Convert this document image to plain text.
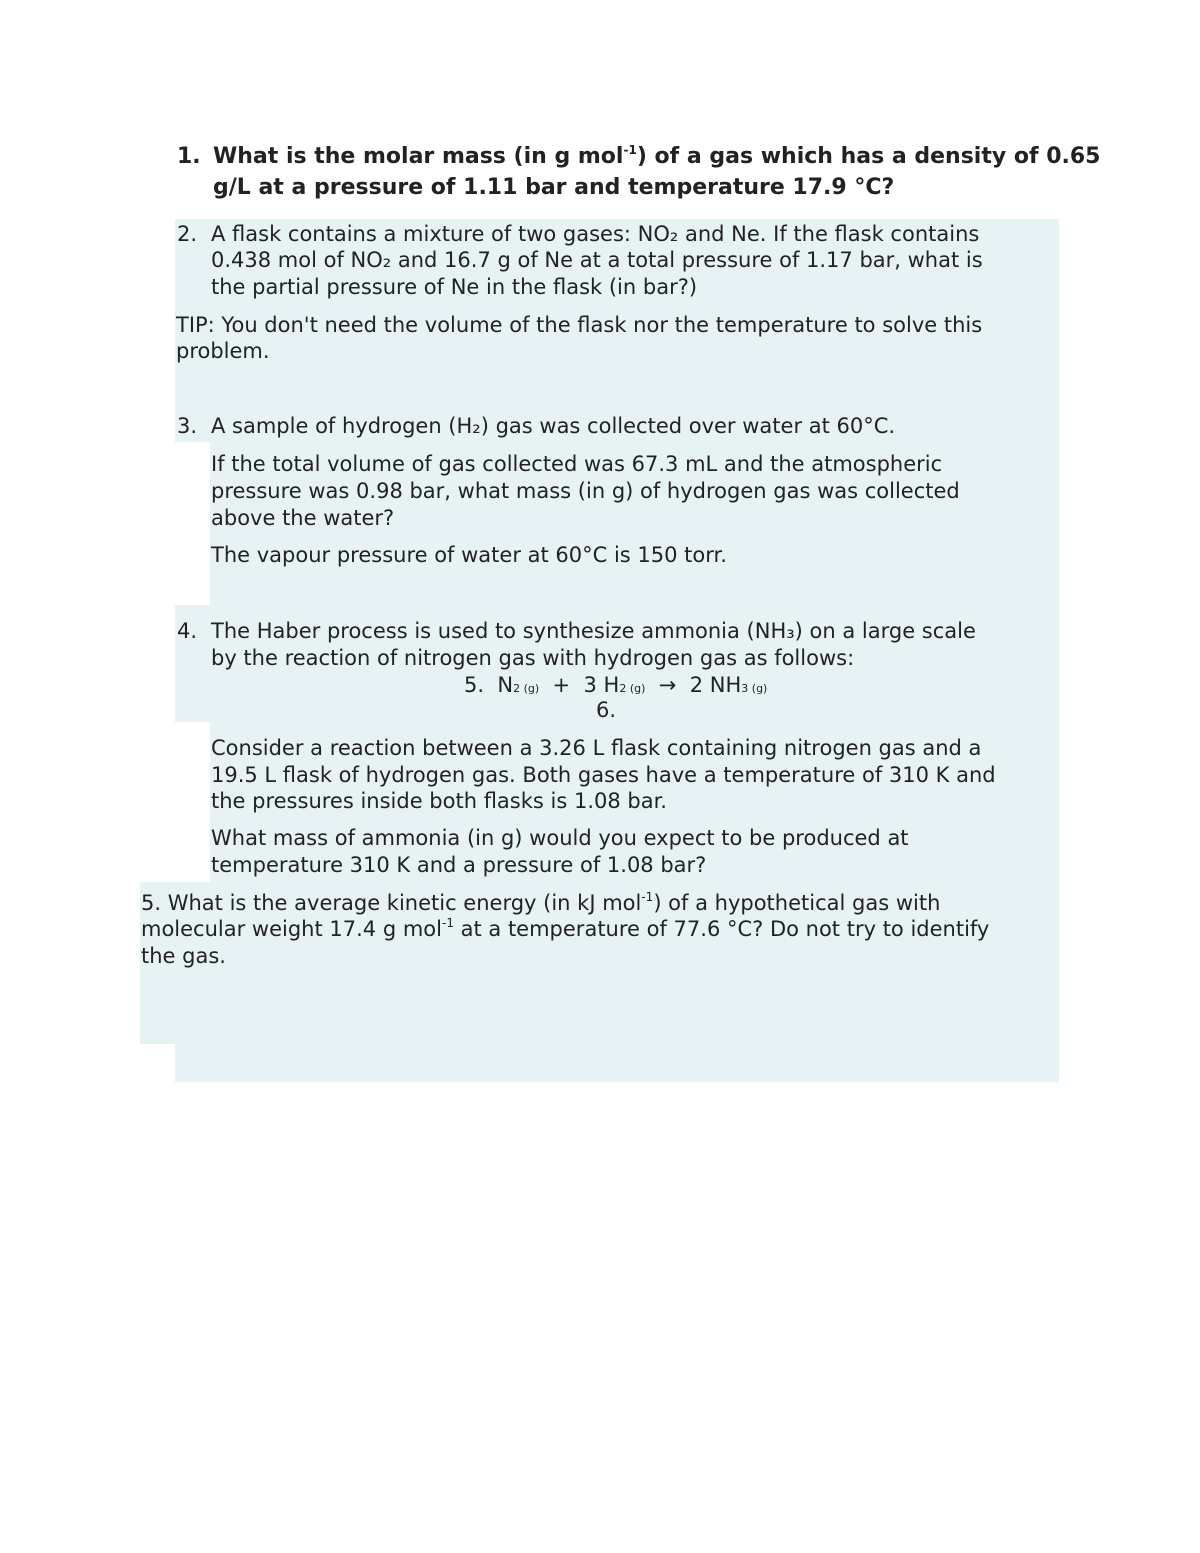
1. What is the molar mass (in g mol$^{-1}$) of a gas which has a density of 0.65
g/L at a pressure of 1.11 bar and temperature 17.9 °C?
2. A flask contains a mixture of two gases: NO₂ and Ne. If the flask contains
0.438 mol of NO₂ and 16.7 g of Ne at a total pressure of 1.17 bar, what is
the partial pressure of Ne in the flask (in bar?)
TIP: You don't need the volume of the flask nor the temperature to solve this
problem.
3. A sample of hydrogen (H₂) gas was collected over water at 60°C.
If the total volume of gas collected was 67.3 mL and the atmospheric
pressure was 0.98 bar, what mass (in g) of hydrogen gas was collected
above the water?
The vapour pressure of water at 60°C is 150 torr.
4. The Haber process is used to synthesize ammonia (NH₃) on a large scale
by the reaction of nitrogen gas with hydrogen gas as follows:
5. N2 (g) + 3 H2 (g) → 2 NH3 (g)
6.
Consider a reaction between a 3.26 L flask containing nitrogen gas and a
19.5 L flask of hydrogen gas. Both gases have a temperature of 310 K and
the pressures inside both flasks is 1.08 bar.
What mass of ammonia (in g) would you expect to be produced at
temperature 310 K and a pressure of 1.08 bar?
5. What is the average kinetic energy (in kJ mol$^{-1}$) of a hypothetical gas with
molecular weight 17.4 g mol$^{-1}$ at a temperature of 77.6 °C? Do not try to identify
the gas.
